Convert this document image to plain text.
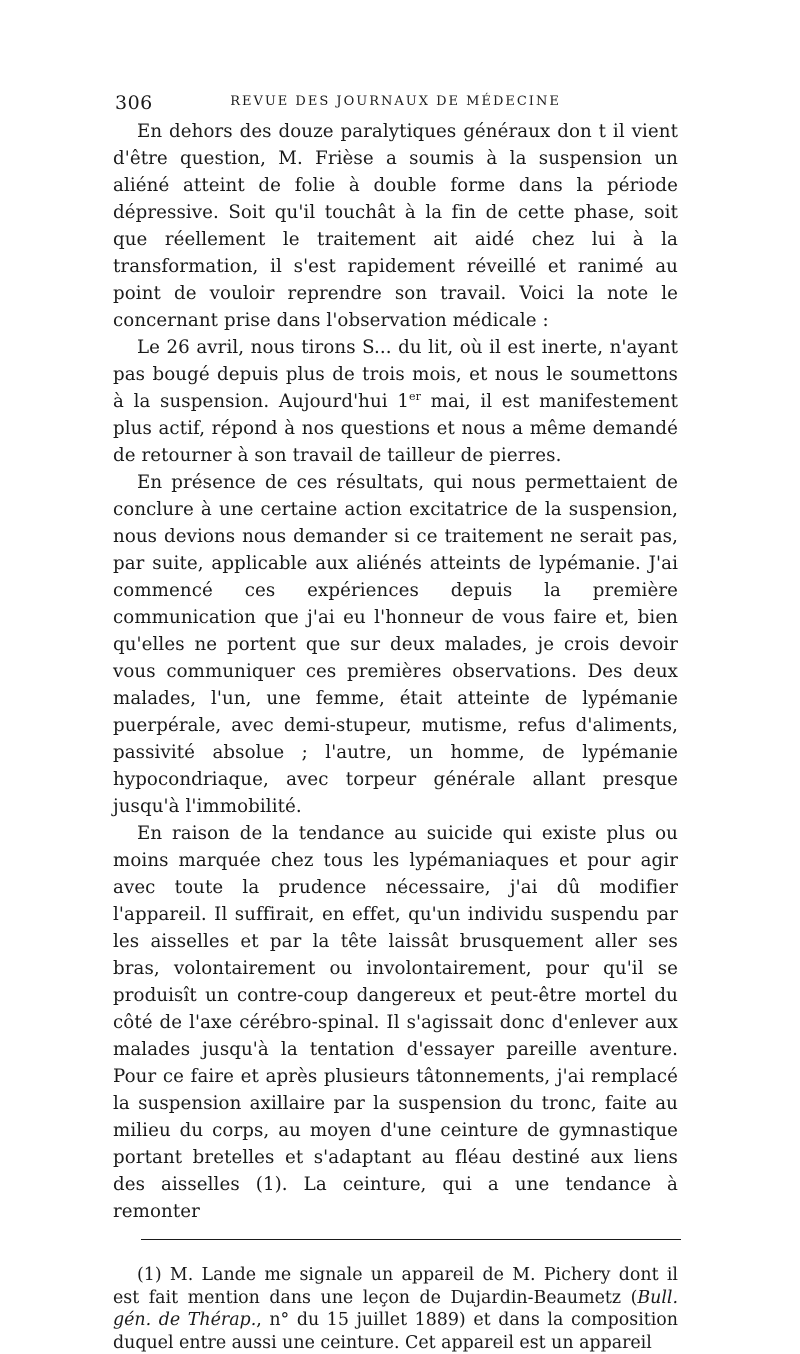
306	REVUE DES JOURNAUX DE MÉDECINE

En dehors des douze paralytiques généraux don t il vient d'être question, M. Frièse a soumis à la suspension un aliéné atteint de folie à double forme dans la période dépressive. Soit qu'il touchât à la fin de cette phase, soit que réellement le traitement ait aidé chez lui à la transformation, il s'est rapidement réveillé et ranimé au point de vouloir reprendre son travail. Voici la note le concernant prise dans l'observation médicale :

Le 26 avril, nous tirons S... du lit, où il est inerte, n'ayant pas bougé depuis plus de trois mois, et nous le soumettons à la suspension. Aujourd'hui 1er mai, il est manifestement plus actif, répond à nos questions et nous a même demandé de retourner à son travail de tailleur de pierres.

En présence de ces résultats, qui nous permettaient de conclure à une certaine action excitatrice de la suspension, nous devions nous demander si ce traitement ne serait pas, par suite, applicable aux aliénés atteints de lypémanie. J'ai commencé ces expériences depuis la première communication que j'ai eu l'honneur de vous faire et, bien qu'elles ne portent que sur deux malades, je crois devoir vous communiquer ces premières observations. Des deux malades, l'un, une femme, était atteinte de lypémanie puerpérale, avec demi-stupeur, mutisme, refus d'aliments, passivité absolue ; l'autre, un homme, de lypémanie hypocondriaque, avec torpeur générale allant presque jusqu'à l'immobilité.

En raison de la tendance au suicide qui existe plus ou moins marquée chez tous les lypémaniaques et pour agir avec toute la prudence nécessaire, j'ai dû modifier l'appareil. Il suffirait, en effet, qu'un individu suspendu par les aisselles et par la tête laissât brusquement aller ses bras, volontairement ou involontairement, pour qu'il se produisît un contre-coup dangereux et peut-être mortel du côté de l'axe cérébro-spinal. Il s'agissait donc d'enlever aux malades jusqu'à la tentation d'essayer pareille aventure. Pour ce faire et après plusieurs tâtonnements, j'ai remplacé la suspension axillaire par la suspension du tronc, faite au milieu du corps, au moyen d'une ceinture de gymnastique portant bretelles et s'adaptant au fléau destiné aux liens des aisselles (1). La ceinture, qui a une tendance à remonter

(1) M. Lande me signale un appareil de M. Pichery dont il est fait mention dans une leçon de Dujardin-Beaumetz (Bull. gén. de Thérap., n° du 15 juillet 1889) et dans la composition duquel entre aussi une ceinture. Cet appareil est un appareil
